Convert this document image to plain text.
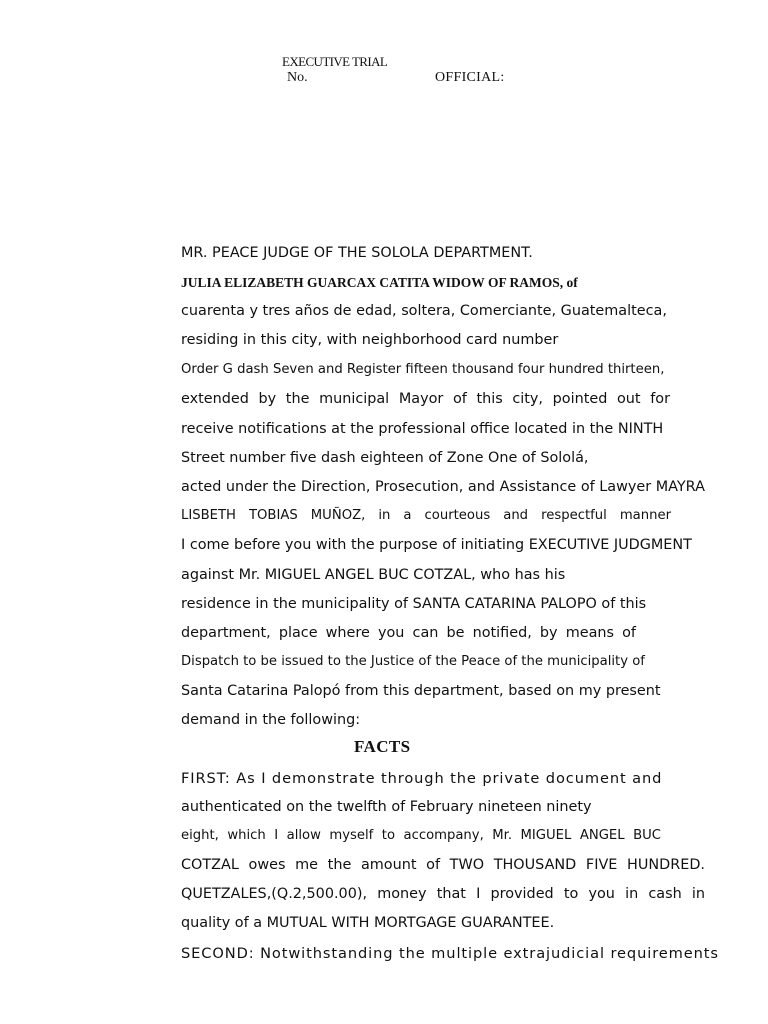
EXECUTIVE TRIAL
No.	OFFICIAL:
MR. PEACE JUDGE OF THE SOLOLA DEPARTMENT.
JULIA ELIZABETH GUARCAX CATITA WIDOW OF RAMOS, of
cuarenta y tres años de edad, soltera, Comerciante, Guatemalteca,
residing in this city, with neighborhood card number
Order G dash Seven and Register fifteen thousand four hundred thirteen,
extended by the municipal Mayor of this city, pointed out for
receive notifications at the professional office located in the NINTH
Street number five dash eighteen of Zone One of Sololá,
acted under the Direction, Prosecution, and Assistance of Lawyer MAYRA
LISBETH TOBIAS MUÑOZ, in a courteous and respectful manner
I come before you with the purpose of initiating EXECUTIVE JUDGMENT
against Mr. MIGUEL ANGEL BUC COTZAL, who has his
residence in the municipality of SANTA CATARINA PALOPO of this
department, place where you can be notified, by means of
Dispatch to be issued to the Justice of the Peace of the municipality of
Santa Catarina Palopó from this department, based on my present
demand in the following:
FACTS
FIRST: As I demonstrate through the private document and
authenticated on the twelfth of February nineteen ninety
eight, which I allow myself to accompany, Mr. MIGUEL ANGEL BUC
COTZAL owes me the amount of TWO THOUSAND FIVE HUNDRED.
QUETZALES,(Q.2,500.00), money that I provided to you in cash in
quality of a MUTUAL WITH MORTGAGE GUARANTEE.
SECOND: Notwithstanding the multiple extrajudicial requirements
